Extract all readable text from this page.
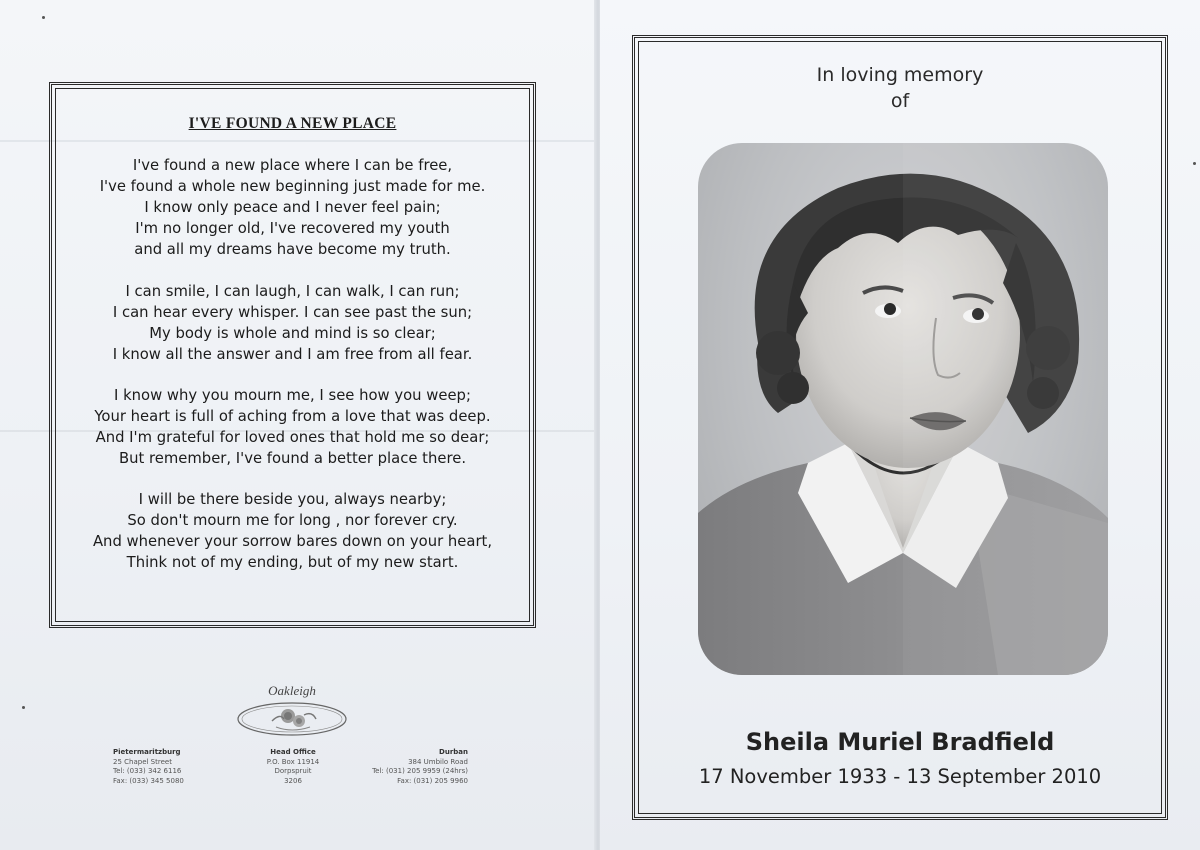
I'VE FOUND A NEW PLACE
I've found a new place where I can be free,
I've found a whole new beginning just made for me.
I know only peace and I never feel pain;
I'm no longer old, I've recovered my youth
and all my dreams have become my truth.
I can smile, I can laugh, I can walk, I can run;
I can hear every whisper. I can see past the sun;
My body is whole and mind is so clear;
I know all the answer and I am free from all fear.
I know why you mourn me, I see how you weep;
Your heart is full of aching from a love that was deep.
And I'm grateful for loved ones that hold me so dear;
But remember, I've found a better place there.
I will be there beside you, always nearby;
So don't mourn me for long , nor forever cry.
And whenever your sorrow bares down on your heart,
Think not of my ending, but of my new start.
Oakleigh
Pietermaritzburg
25 Chapel Street
Tel: (033) 342 6116
Fax: (033) 345 5080
Head Office
P.O. Box 11914
Dorpspruit
3206
Durban
384 Umbilo Road
Tel: (031) 205 9959 (24hrs)
Fax: (031) 205 9960
In loving memory
of
Sheila Muriel Bradfield
17 November 1933 - 13 September 2010
